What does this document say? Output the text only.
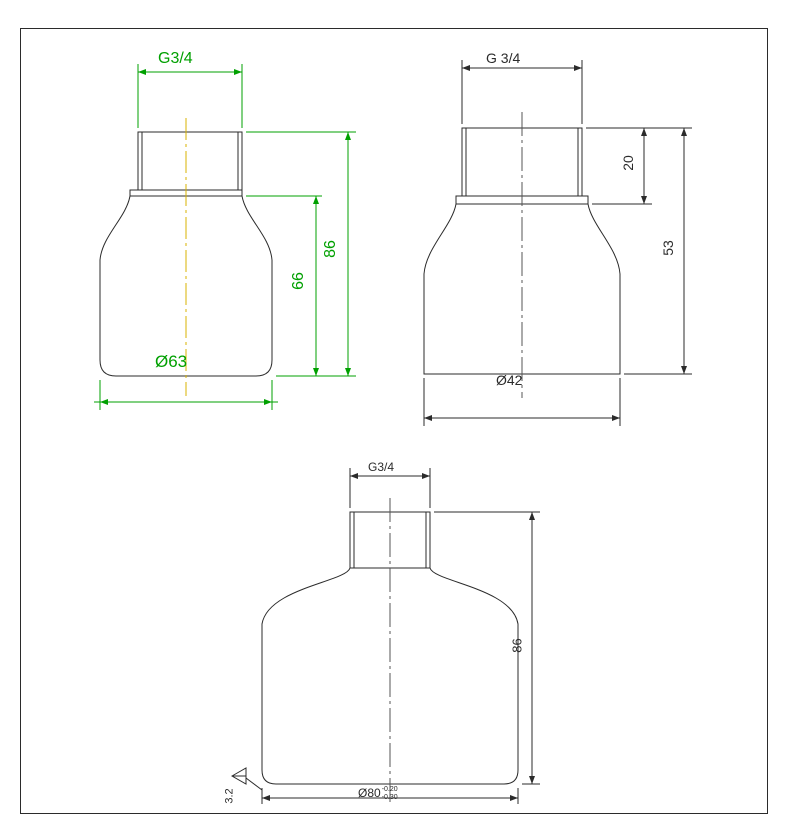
G3/4
Ø63
86
66
G 3/4
Ø42
20
53
G3/4
86
3.2	Ø80 -0.20
-0.30
